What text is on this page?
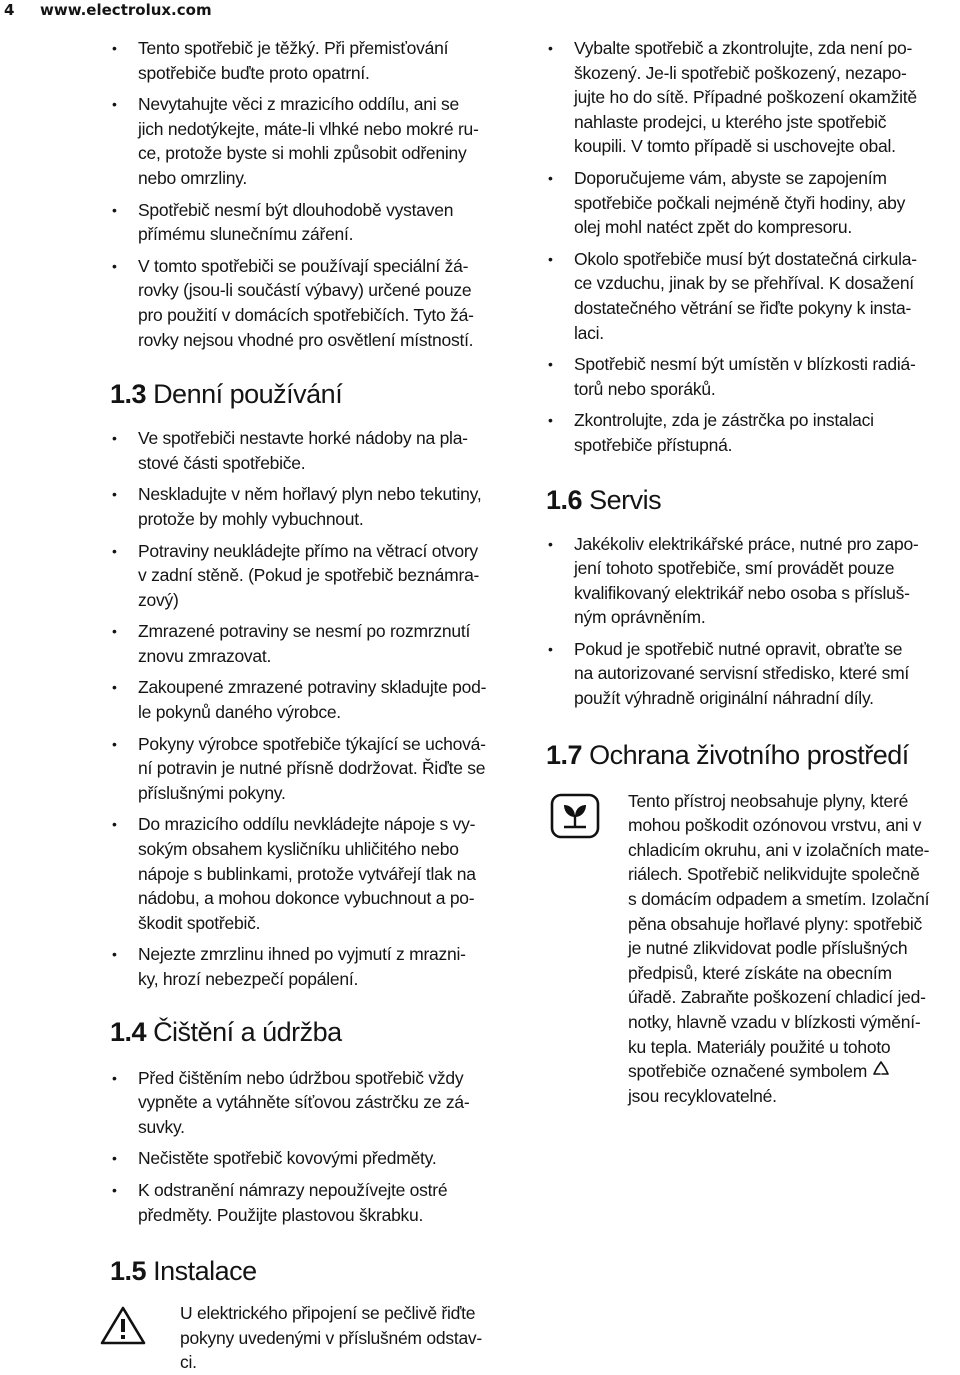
4 www.electrolux.com
• Tento spotřebič je těžký. Při přemisťování
spotřebiče buďte proto opatrní.
• Nevytahujte věci z mrazicího oddílu, ani se
jich nedotýkejte, máte-li vlhké nebo mokré ru-
ce, protože byste si mohli způsobit odřeniny
nebo omrzliny.
• Spotřebič nesmí být dlouhodobě vystaven
přímému slunečnímu záření.
• V tomto spotřebiči se používají speciální žá-
rovky (jsou-li součástí výbavy) určené pouze
pro použití v domácích spotřebičích. Tyto žá-
rovky nejsou vhodné pro osvětlení místností.
1.3 Denní používání
• Ve spotřebiči nestavte horké nádoby na pla-
stové části spotřebiče.
• Neskladujte v něm hořlavý plyn nebo tekutiny,
protože by mohly vybuchnout.
• Potraviny neukládejte přímo na větrací otvory
v zadní stěně. (Pokud je spotřebič beznámra-
zový)
• Zmrazené potraviny se nesmí po rozmrznutí
znovu zmrazovat.
• Zakoupené zmrazené potraviny skladujte pod-
le pokynů daného výrobce.
• Pokyny výrobce spotřebiče týkající se uchová-
ní potravin je nutné přísně dodržovat. Řiďte se
příslušnými pokyny.
• Do mrazicího oddílu nevkládejte nápoje s vy-
sokým obsahem kysličníku uhličitého nebo
nápoje s bublinkami, protože vytvářejí tlak na
nádobu, a mohou dokonce vybuchnout a po-
škodit spotřebič.
• Nejezte zmrzlinu ihned po vyjmutí z mrazni-
ky, hrozí nebezpečí popálení.
1.4 Čištění a údržba
• Před čištěním nebo údržbou spotřebič vždy
vypněte a vytáhněte síťovou zástrčku ze zá-
suvky.
• Nečistěte spotřebič kovovými předměty.
• K odstranění námrazy nepoužívejte ostré
předměty. Použijte plastovou škrabku.
1.5 Instalace
U elektrického připojení se pečlivě řiďte
pokyny uvedenými v příslušném odstav-
ci.
• Vybalte spotřebič a zkontrolujte, zda není po-
škozený. Je-li spotřebič poškozený, nezapo-
jujte ho do sítě. Případné poškození okamžitě
nahlaste prodejci, u kterého jste spotřebič
koupili. V tomto případě si uschovejte obal.
• Doporučujeme vám, abyste se zapojením
spotřebiče počkali nejméně čtyři hodiny, aby
olej mohl natéct zpět do kompresoru.
• Okolo spotřebiče musí být dostatečná cirkula-
ce vzduchu, jinak by se přehříval. K dosažení
dostatečného větrání se řiďte pokyny k insta-
laci.
• Spotřebič nesmí být umístěn v blízkosti radiá-
torů nebo sporáků.
• Zkontrolujte, zda je zástrčka po instalaci
spotřebiče přístupná.
1.6 Servis
• Jakékoliv elektrikářské práce, nutné pro zapo-
jení tohoto spotřebiče, smí provádět pouze
kvalifikovaný elektrikář nebo osoba s přísluš-
ným oprávněním.
• Pokud je spotřebič nutné opravit, obraťte se
na autorizované servisní středisko, které smí
použít výhradně originální náhradní díly.
1.7 Ochrana životního prostředí
Tento přístroj neobsahuje plyny, které
mohou poškodit ozónovou vrstvu, ani v
chladicím okruhu, ani v izolačních mate-
riálech. Spotřebič nelikvidujte společně
s domácím odpadem a smetím. Izolační
pěna obsahuje hořlavé plyny: spotřebič
je nutné zlikvidovat podle příslušných
předpisů, které získáte na obecním
úřadě. Zabraňte poškození chladicí jed-
notky, hlavně vzadu v blízkosti výmění-
ku tepla. Materiály použité u tohoto
spotřebiče označené symbolem
jsou recyklovatelné.
